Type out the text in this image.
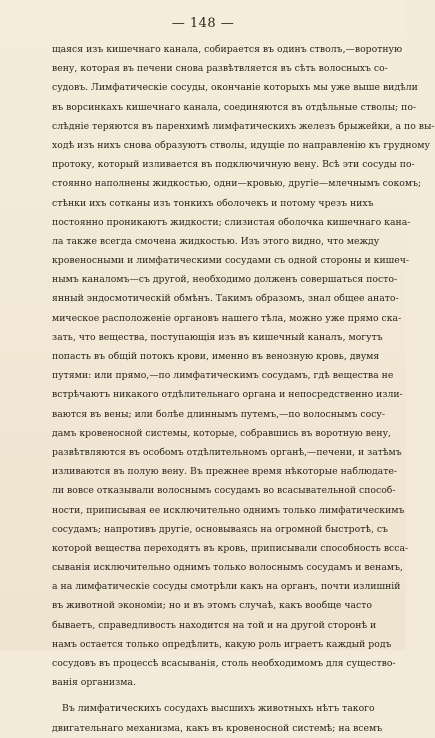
— 148 —
щаяся изъ кишечнаго канала, собирается въ одинъ стволъ,—воротную
вену, которая въ печени снова развѣтвляется въ сѣть волосныхъ со-
судовъ. Лимфатическіе сосуды, окончаніе которыхъ мы уже выше видѣли
въ ворсинкахъ кишечнаго канала, соединяются въ отдѣльные стволы; по-
слѣдніе теряются въ паренхимѣ лимфатическихъ железъ брыжейки, а по вы-
ходѣ изъ нихъ снова образуютъ стволы, идущіе по направленію къ грудному
протоку, который изливается въ подключичную вену. Всѣ эти сосуды по-
стоянно наполнены жидкостью, одни—кровью, другіе—млечнымъ сокомъ;
стѣнки ихъ сотканы изъ тонкихъ оболочекъ и потому чрезъ нихъ
постоянно проникаютъ жидкости; слизистая оболочка кишечнаго кана-
ла также всегда смочена жидкостью. Изъ этого видно, что между
кровеносными и лимфатическими сосудами съ одной стороны и кишеч-
нымъ каналомъ—съ другой, необходимо долженъ совершаться посто-
янный эндосмотическій обмѣнъ. Такимъ образомъ, знал общее анато-
мическое расположеніе органовъ нашего тѣла, можно уже прямо ска-
зать, что вещества, поступающія изъ въ кишечный каналъ, могутъ
попасть въ общій потокъ крови, именно въ венозную кровь, двумя
путями: или прямо,—по лимфатическимъ сосудамъ, гдѣ вещества не
встрѣчаютъ никакого отдѣлительнаго органа и непосредственно изли-
ваются въ вены; или болѣе длиннымъ путемъ,—по волоснымъ сосу-
дамъ кровеносной системы, которые, собравшись въ воротную вену,
развѣтвляются въ особомъ отдѣлительномъ органѣ,—печени, и затѣмъ
изливаются въ полую вену. Въ прежнее время нѣкоторые наблюдате-
ли вовсе отказывали волоснымъ сосудамъ во всасывательной способ-
ности, приписывая ее исключительно однимъ только лимфатическимъ
сосудамъ; напротивъ другіе, основываясь на огромной быстротѣ, съ
которой вещества переходятъ въ кровь, приписывали способность всса-
сыванія исключительно однимъ только волоснымъ сосудамъ и венамъ,
а на лимфатическіе сосуды смотрѣли какъ на органъ, почти излишній
въ животной экономіи; но и въ этомъ случаѣ, какъ вообще часто
бываетъ, справедливость находится на той и на другой сторонѣ и
намъ остается только опредѣлить, какую роль играетъ каждый родъ
сосудовъ въ процессѣ всасыванія, столь необходимомъ для существо-
ванія организма.
Въ лимфатическихъ сосудахъ высшихъ животныхъ нѣтъ такого
двигательнаго механизма, какъ въ кровеносной системѣ; на всемъ
